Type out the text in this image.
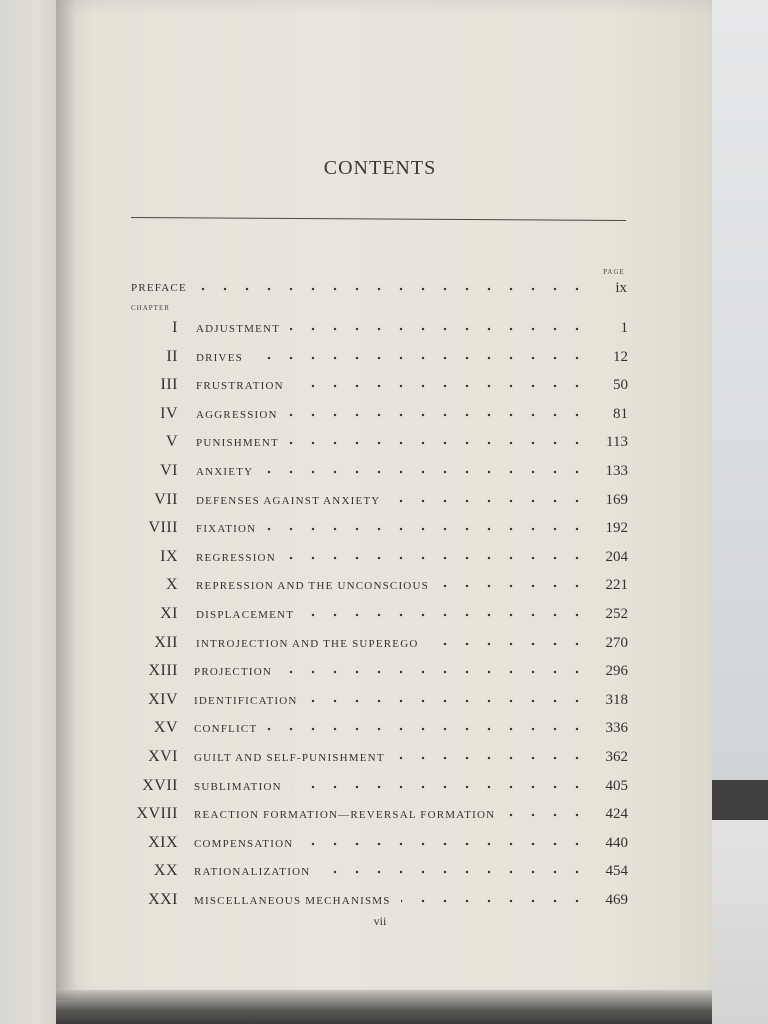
CONTENTS
PAGE
CHAPTER
PREFACE	ix
I ADJUSTMENT	1
II DRIVES	12
III FRUSTRATION	50
IV AGGRESSION	81
V PUNISHMENT	113
VI ANXIETY	133
VII DEFENSES AGAINST ANXIETY	169
VIII FIXATION	192
IX REGRESSION	204
X REPRESSION AND THE UNCONSCIOUS	221
XI DISPLACEMENT	252
XII INTROJECTION AND THE SUPEREGO	270
XIII PROJECTION	296
XIV IDENTIFICATION	318
XV CONFLICT	336
XVI GUILT AND SELF-PUNISHMENT	362
XVII SUBLIMATION	405
XVIII REACTION FORMATION—REVERSAL FORMATION	424
XIX COMPENSATION	440
XX RATIONALIZATION	454
XXI MISCELLANEOUS MECHANISMS	469
vii
